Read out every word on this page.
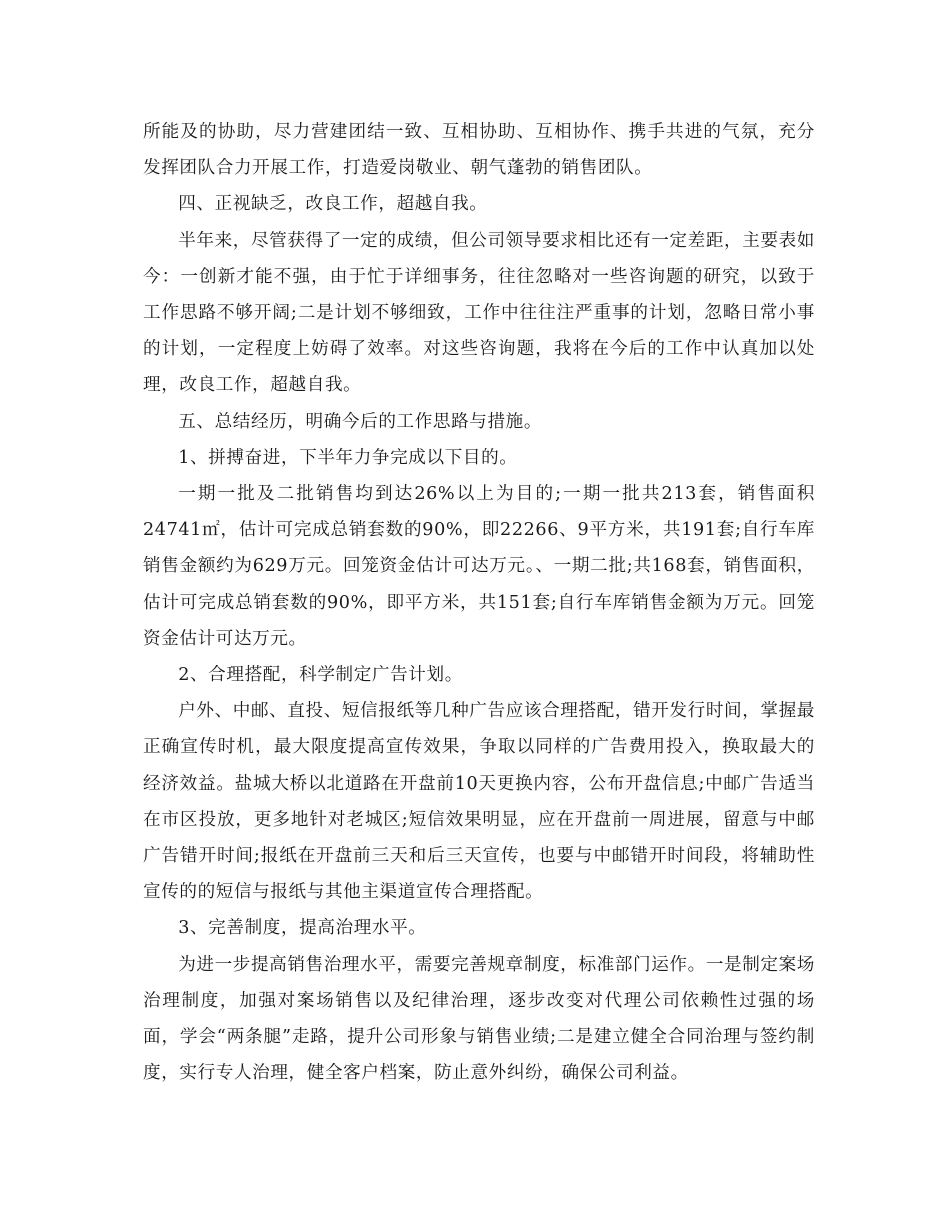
所能及的协助，尽力营建团结一致、互相协助、互相协作、携手共进的气氛，充分发挥团队合力开展工作，打造爱岗敬业、朝气蓬勃的销售团队。

四、正视缺乏，改良工作，超越自我。

半年来，尽管获得了一定的成绩，但公司领导要求相比还有一定差距，主要表如今：一创新才能不强，由于忙于详细事务，往往忽略对一些咨询题的研究，以致于工作思路不够开阔;二是计划不够细致，工作中往往注严重事的计划，忽略日常小事的计划，一定程度上妨碍了效率。对这些咨询题，我将在今后的工作中认真加以处理，改良工作，超越自我。

五、总结经历，明确今后的工作思路与措施。

1、拼搏奋进，下半年力争完成以下目的。

一期一批及二批销售均到达26%以上为目的;一期一批共213套，销售面积24741㎡，估计可完成总销套数的90%，即22266、9平方米，共191套;自行车库销售金额约为629万元。回笼资金估计可达万元。、一期二批;共168套，销售面积，估计可完成总销套数的90%，即平方米，共151套;自行车库销售金额为万元。回笼资金估计可达万元。

2、合理搭配，科学制定广告计划。

户外、中邮、直投、短信报纸等几种广告应该合理搭配，错开发行时间，掌握最正确宣传时机，最大限度提高宣传效果，争取以同样的广告费用投入，换取最大的经济效益。盐城大桥以北道路在开盘前10天更换内容，公布开盘信息;中邮广告适当在市区投放，更多地针对老城区;短信效果明显，应在开盘前一周进展，留意与中邮广告错开时间;报纸在开盘前三天和后三天宣传，也要与中邮错开时间段，将辅助性宣传的的短信与报纸与其他主渠道宣传合理搭配。

3、完善制度，提高治理水平。

为进一步提高销售治理水平，需要完善规章制度，标准部门运作。一是制定案场治理制度，加强对案场销售以及纪律治理，逐步改变对代理公司依赖性过强的场面，学会“两条腿”走路，提升公司形象与销售业绩;二是建立健全合同治理与签约制度，实行专人治理，健全客户档案，防止意外纠纷，确保公司利益。
